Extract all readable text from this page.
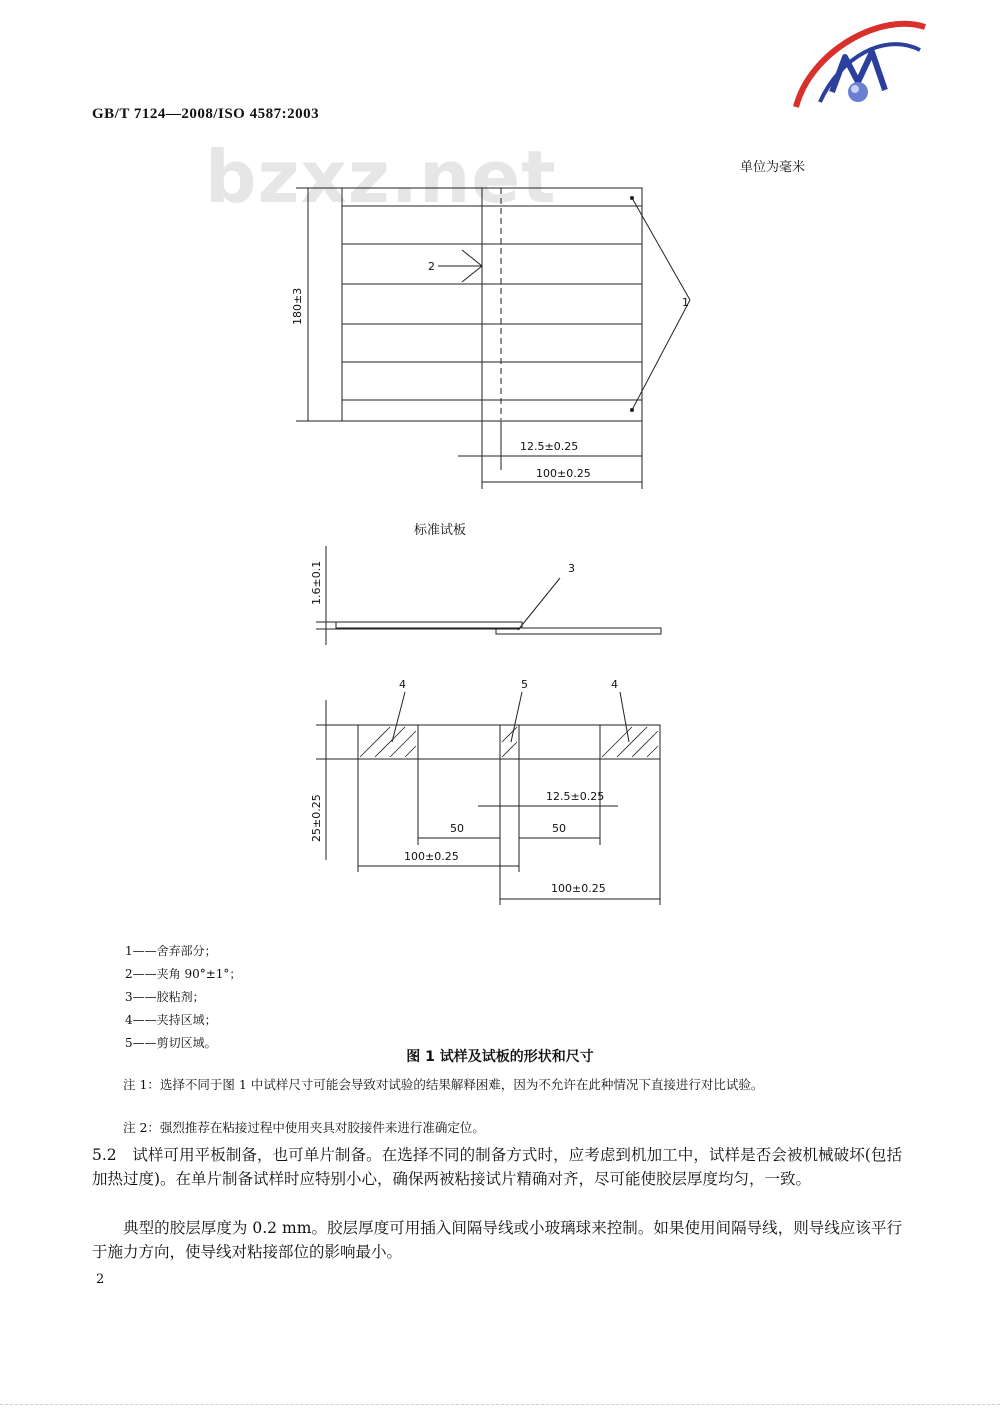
GB/T 7124—2008/ISO 4587:2003
bzxz.net	单位为毫米
180±3	1
2
12.5±0.25
100±0.25
1.6±0.1	3
4	5	4
25±0.25	12.5±0.25
50	50
100±0.25
100±0.25
标准试板
1——舍弃部分；
2——夹角 90°±1°；
3——胶粘剂；
4——夹持区域；
5——剪切区域。
图 1 试样及试板的形状和尺寸
注 1：选择不同于图 1 中试样尺寸可能会导致对试验的结果解释困难，因为不允许在此种情况下直接进行对比试验。
注 2：强烈推荐在粘接过程中使用夹具对胶接件来进行准确定位。
5.2　试样可用平板制备，也可单片制备。在选择不同的制备方式时，应考虑到机加工中，试样是否会被机械破坏(包括加热过度)。在单片制备试样时应特别小心，确保两被粘接试片精确对齐，尽可能使胶层厚度均匀，一致。
　　典型的胶层厚度为 0.2 mm。胶层厚度可用插入间隔导线或小玻璃球来控制。如果使用间隔导线，则导线应该平行于施力方向，使导线对粘接部位的影响最小。
2
